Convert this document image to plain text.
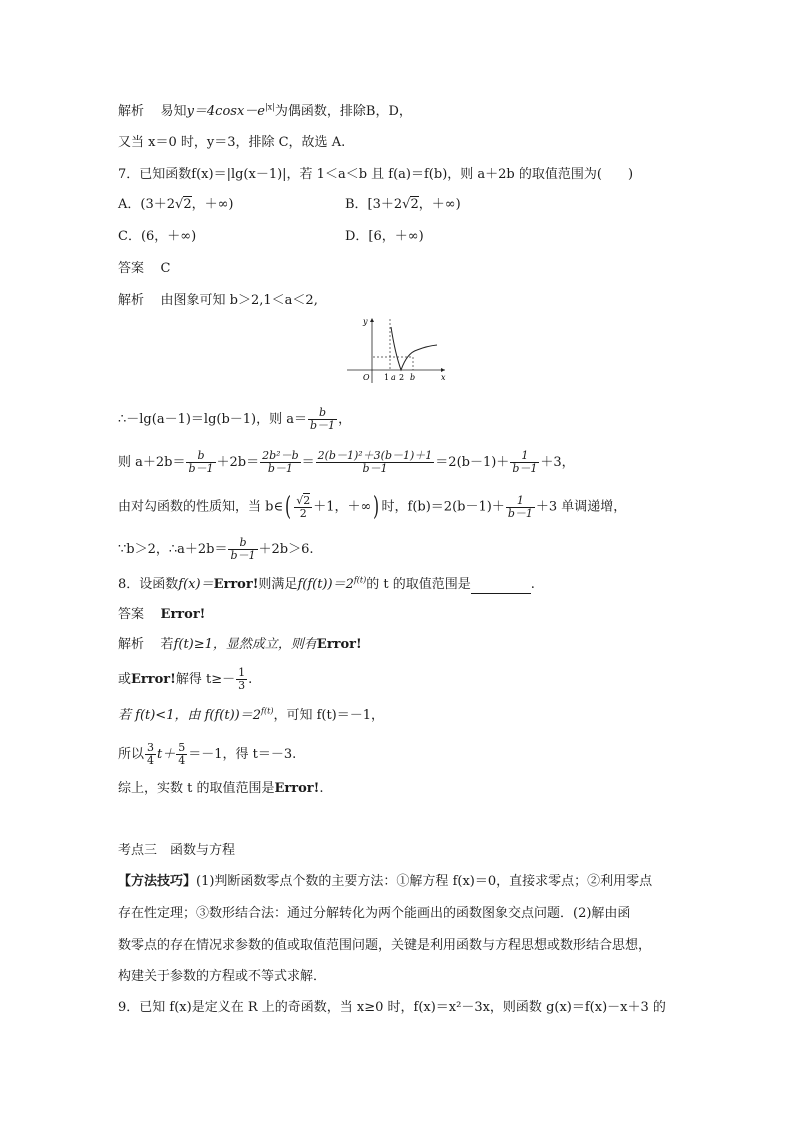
解析 易知$y=4\cos x-e^{|x|}$为偶函数，排除B，D，
又当 x＝0 时，y＝3，排除 C，故选 A.
7．已知函数f(x)＝|lg(x－1)|，若 1＜a＜b 且 f(a)＝f(b)，则 a＋2b 的取值范围为(　　)
A．(3＋2√2，＋∞)	B．[3＋2√2，＋∞)
C．(6，＋∞)	D．[6，＋∞)
答案 C
解析 由图象可知 b＞2,1＜a＜2,
y
x
O 1 a 2 b
∴－lg(a－1)＝lg(b－1)，则 $a= \frac{b}{b-1}$ ，
则 $a+2b= \frac{b}{b-1} +2b= \frac{\text{2b²－b}}{b-1} = \frac{\text{2(b－1)²＋3(b－1)＋1}}{b-1} =2(b-1)+ \frac{1}{b-1} +3$，
由对勾函数的性质知，当 b∈( $\frac{√2}{2} +1$，＋∞) 时，$f(b)=2(b-1)+ \frac{1}{b-1} +3$ 单调递增，
∵b＞2，∴a＋2b＝ $\frac{b}{b-1} +2b>6$.
8．设函数f(x)＝Error!则满足$f(f(t))=2^{f(t)}$的 t 的取值范围是	.
答案 Error!
解析 若f(t)≥1，显然成立，则有Error!
或Error!解得 $t\ge- \frac{1}{3}$ .
若 f(t)<1，由 $f(f(t))=2^{f(t)}$，可知 f(t)＝－1，
所以 $\frac{3}{4} t+ \frac{5}{4} =-1$，得 t＝－3.
综上，实数 t 的取值范围是Error!.
考点三　函数与方程
【方法技巧】(1)判断函数零点个数的主要方法：①解方程 f(x)＝0，直接求零点；②利用零点
存在性定理；③数形结合法：通过分解转化为两个能画出的函数图象交点问题．(2)解由函
数零点的存在情况求参数的值或取值范围问题，关键是利用函数与方程思想或数形结合思想，
构建关于参数的方程或不等式求解．
9．已知 f(x)是定义在 R 上的奇函数，当 x≥0 时，f(x)＝x²－3x，则函数 g(x)＝f(x)－x＋3 的
